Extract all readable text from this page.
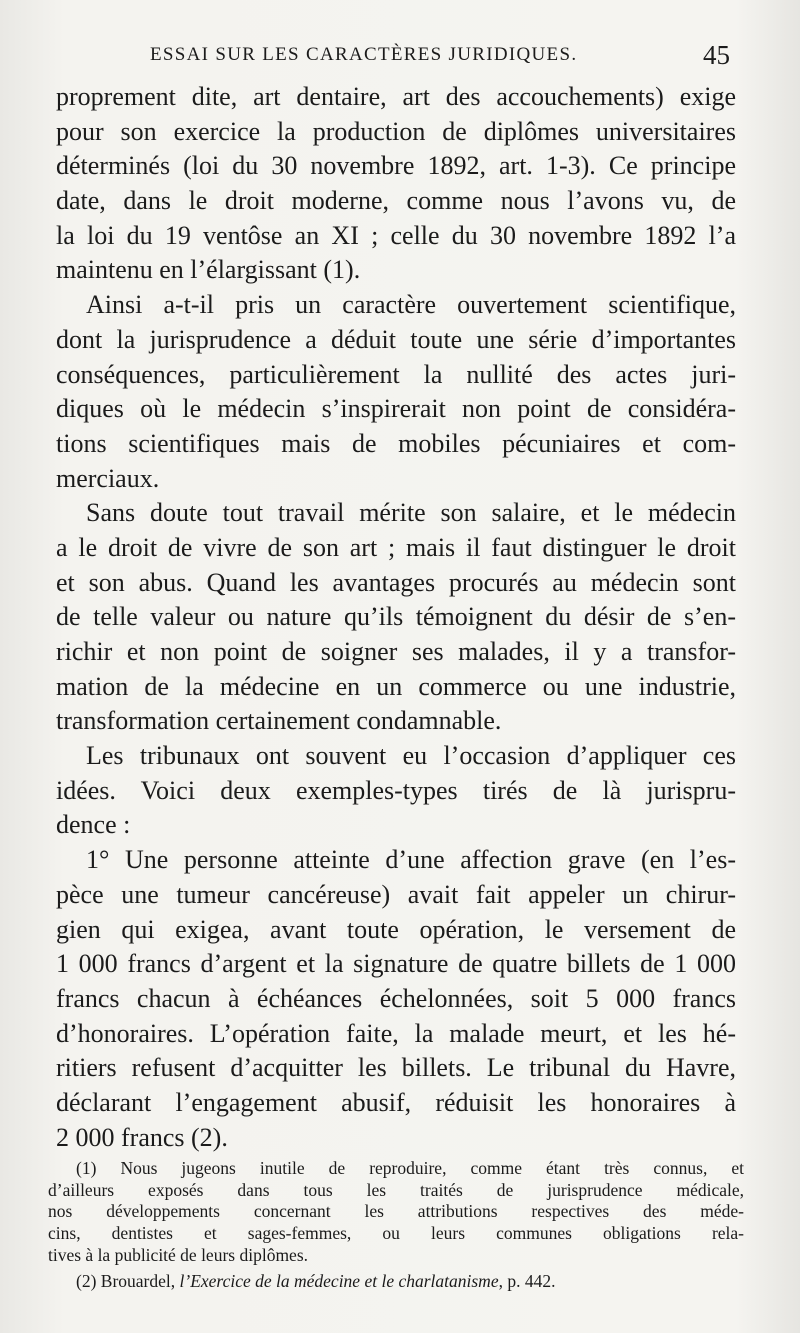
ESSAI SUR LES CARACTÈRES JURIDIQUES.	45
proprement dite, art dentaire, art des accouchements) exige
pour son exercice la production de diplômes universitaires
déterminés (loi du 30 novembre 1892, art. 1-3). Ce principe
date, dans le droit moderne, comme nous l’avons vu, de
la loi du 19 ventôse an XI ; celle du 30 novembre 1892 l’a
maintenu en l’élargissant (1).
Ainsi a-t-il pris un caractère ouvertement scientifique,
dont la jurisprudence a déduit toute une série d’importantes
conséquences, particulièrement la nullité des actes juri-
diques où le médecin s’inspirerait non point de considéra-
tions scientifiques mais de mobiles pécuniaires et com-
merciaux.
Sans doute tout travail mérite son salaire, et le médecin
a le droit de vivre de son art ; mais il faut distinguer le droit
et son abus. Quand les avantages procurés au médecin sont
de telle valeur ou nature qu’ils témoignent du désir de s’en-
richir et non point de soigner ses malades, il y a transfor-
mation de la médecine en un commerce ou une industrie,
transformation certainement condamnable.
Les tribunaux ont souvent eu l’occasion d’appliquer ces
idées. Voici deux exemples-types tirés de là jurispru-
dence :
1° Une personne atteinte d’une affection grave (en l’es-
pèce une tumeur cancéreuse) avait fait appeler un chirur-
gien qui exigea, avant toute opération, le versement de
1 000 francs d’argent et la signature de quatre billets de 1 000
francs chacun à échéances échelonnées, soit 5 000 francs
d’honoraires. L’opération faite, la malade meurt, et les hé-
ritiers refusent d’acquitter les billets. Le tribunal du Havre,
déclarant l’engagement abusif, réduisit les honoraires à
2 000 francs (2).
(1) Nous jugeons inutile de reproduire, comme étant très connus, et
d’ailleurs exposés dans tous les traités de jurisprudence médicale,
nos développements concernant les attributions respectives des méde-
cins, dentistes et sages-femmes, ou leurs communes obligations rela-
tives à la publicité de leurs diplômes.
(2) Brouardel, l’Exercice de la médecine et le charlatanisme, p. 442.
